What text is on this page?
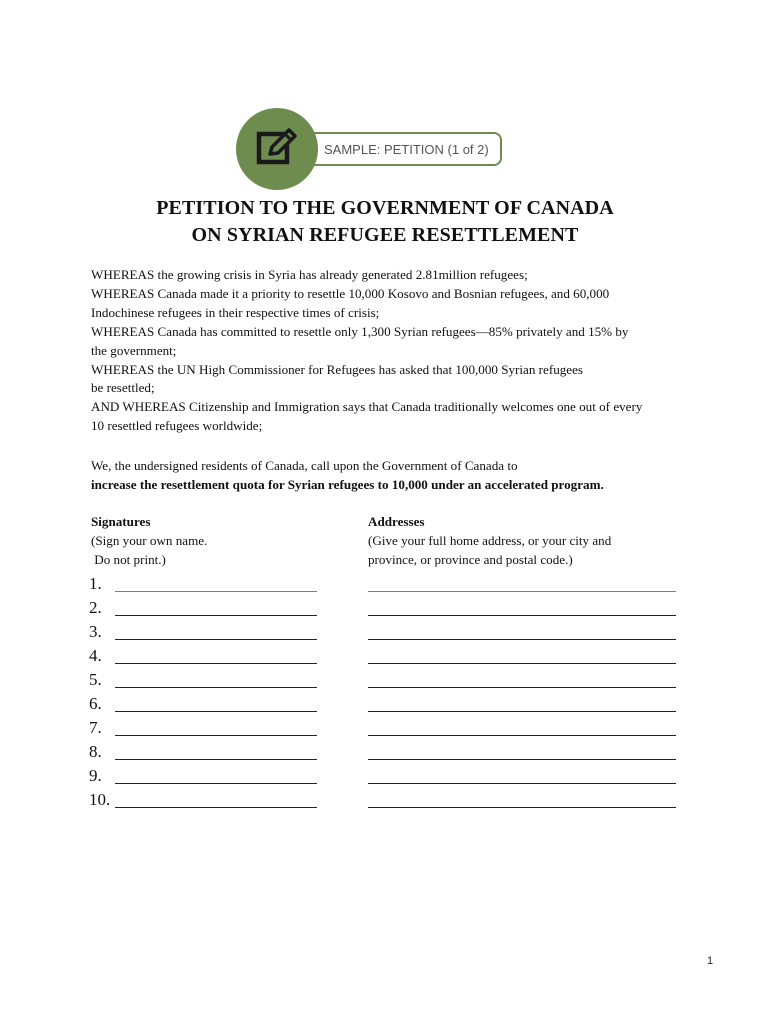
SAMPLE: PETITION (1 of 2)
PETITION TO THE GOVERNMENT OF CANADA
ON SYRIAN REFUGEE RESETTLEMENT

WHEREAS the growing crisis in Syria has already generated 2.81million refugees;

WHEREAS Canada made it a priority to resettle 10,000 Kosovo and Bosnian refugees, and 60,000

Indochinese refugees in their respective times of crisis;

WHEREAS Canada has committed to resettle only 1,300 Syrian refugees—85% privately and 15% by

the government;

WHEREAS the UN High Commissioner for Refugees has asked that 100,000 Syrian refugees

be resettled;

AND WHEREAS Citizenship and Immigration says that Canada traditionally welcomes one out of every

10 resettled refugees worldwide;

We, the undersigned residents of Canada, call upon the Government of Canada to

increase the resettlement quota for Syrian refugees to 10,000 under an accelerated program.

Signatures
(Sign your own name.
Do not print.)
Addresses
(Give your full home address, or your city and
province, or province and postal code.)
1.
2.
3.
4.
5.
6.
7.
8.
9.
10.
1
